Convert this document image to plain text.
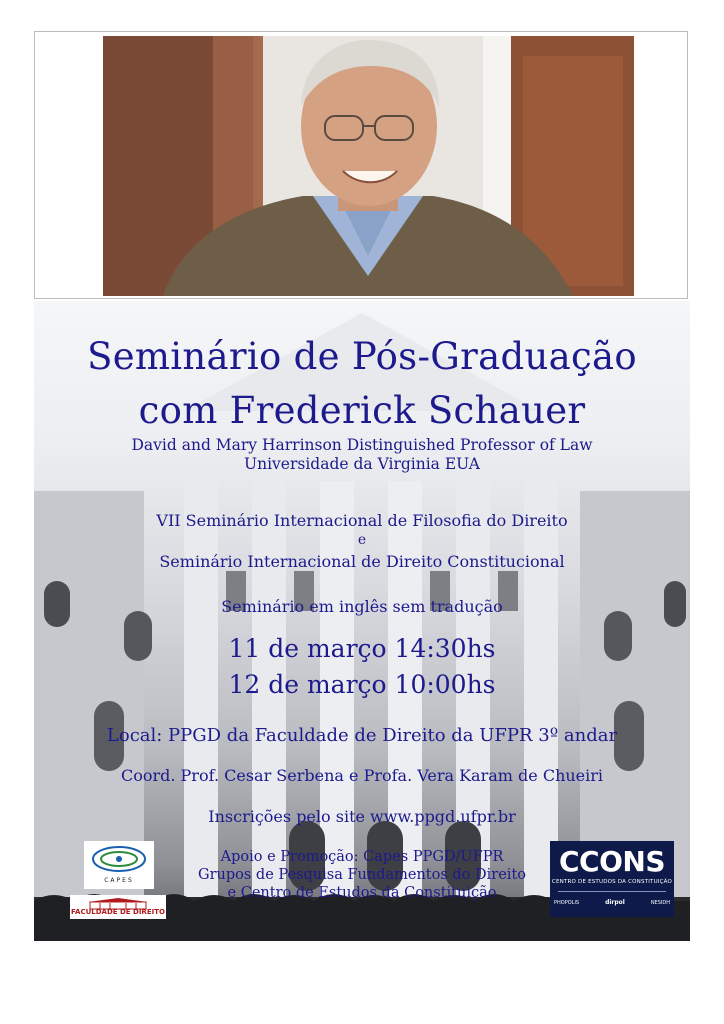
Seminário de Pós-Graduação
com Frederick Schauer
David and Mary Harrinson Distinguished Professor of Law
Universidade da Virginia EUA
VII Seminário Internacional de Filosofia do Direito
e
Seminário Internacional de Direito Constitucional
Seminário em inglês sem tradução
11 de março 14:30hs
12 de março 10:00hs
Local: PPGD da Faculdade de Direito da UFPR 3º andar
Coord. Prof. Cesar Serbena e Profa. Vera Karam de Chueiri
Inscrições pelo site www.ppgd.ufpr.br
Apoio e Promoção: Capes PPGD/UFPR
Grupos de Pesquisa Fundamentos do Direito
e Centro de Estudos da Constituição
CAPES
FACULDADE DE DIREITO
CCONS
CENTRO DE ESTUDOS DA CONSTITUIÇÃO
PHOPOLIS	dirpol	NESIDH
